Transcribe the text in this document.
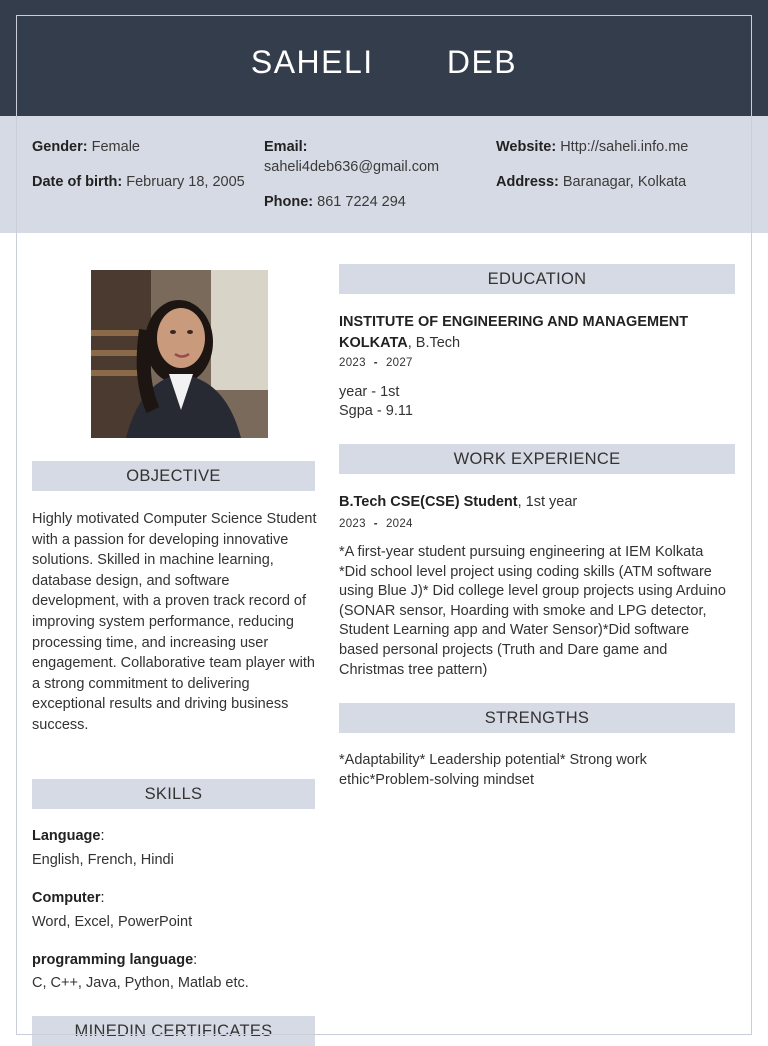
SAHELI   DEB
Gender: Female
Date of birth: February 18, 2005
Email:
saheli4deb636@gmail.com
Phone: 861 7224 294
Website: Http://saheli.info.me
Address: Baranagar, Kolkata
OBJECTIVE
Highly motivated Computer Science Student with a passion for developing innovative solutions. Skilled in machine learning, database design, and software development, with a proven track record of improving system performance, reducing processing time, and increasing user engagement. Collaborative team player with a strong commitment to delivering exceptional results and driving business success.
SKILLS
Language:
English, French, Hindi
Computer:
Word, Excel, PowerPoint
programming language:
C, C++, Java, Python, Matlab etc.
MINEDIN CERTIFICATES
EDUCATION
INSTITUTE OF ENGINEERING AND MANAGEMENT KOLKATA, B.Tech
2023 - 2027
year - 1st
Sgpa - 9.11
WORK EXPERIENCE
B.Tech CSE(CSE) Student, 1st year
2023 - 2024
*A first-year student pursuing engineering at IEM Kolkata *Did school level project using coding skills (ATM software using Blue J)* Did college level group projects using Arduino (SONAR sensor, Hoarding with smoke and LPG detector, Student Learning app and Water Sensor)*Did software based personal projects (Truth and Dare game and Christmas tree pattern)
STRENGTHS
*Adaptability* Leadership potential* Strong work ethic*Problem-solving mindset
